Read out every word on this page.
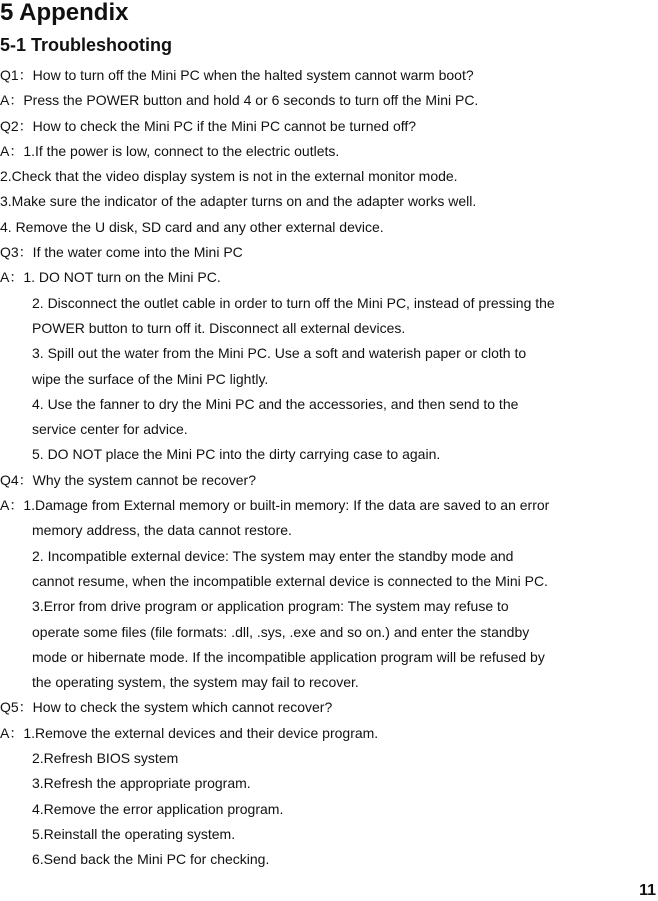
5 Appendix
5-1 Troubleshooting
Q1：How to turn off the Mini PC when the halted system cannot warm boot?
A：Press the POWER button and hold 4 or 6 seconds to turn off the Mini PC.
Q2：How to check the Mini PC if the Mini PC cannot be turned off?
A：1.If the power is low, connect to the electric outlets.
2.Check that the video display system is not in the external monitor mode.
3.Make sure the indicator of the adapter turns on and the adapter works well.
4. Remove the U disk, SD card and any other external device.
Q3：If the water come into the Mini PC
A：1. DO NOT turn on the Mini PC.
2. Disconnect the outlet cable in order to turn off the Mini PC, instead of pressing the
POWER button to turn off it. Disconnect all external devices.
3. Spill out the water from the Mini PC. Use a soft and waterish paper or cloth to
wipe the surface of the Mini PC lightly.
4. Use the fanner to dry the Mini PC and the accessories, and then send to the
service center for advice.
5. DO NOT place the Mini PC into the dirty carrying case to again.
Q4：Why the system cannot be recover?
A：1.Damage from External memory or built-in memory: If the data are saved to an error
memory address, the data cannot restore.
2. Incompatible external device: The system may enter the standby mode and
cannot resume, when the incompatible external device is connected to the Mini PC.
3.Error from drive program or application program: The system may refuse to
operate some files (file formats: .dll, .sys, .exe and so on.) and enter the standby
mode or hibernate mode. If the incompatible application program will be refused by
the operating system, the system may fail to recover.
Q5：How to check the system which cannot recover?
A：1.Remove the external devices and their device program.
2.Refresh BIOS system
3.Refresh the appropriate program.
4.Remove the error application program.
5.Reinstall the operating system.
6.Send back the Mini PC for checking.
11
